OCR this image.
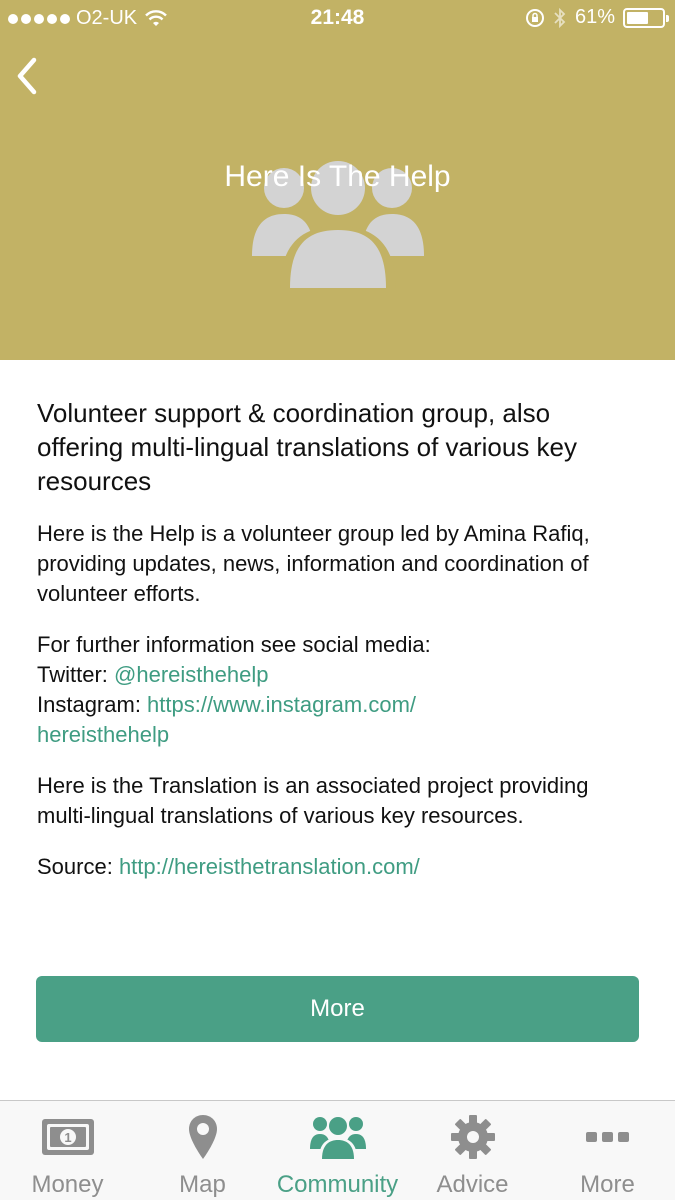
O2-UK	21:48	61%
Here Is The Help
Volunteer support & coordination group, also offering multi-lingual translations of various key resources
Here is the Help is a volunteer group led by Amina Rafiq, providing updates, news, information and coordination of volunteer efforts.
For further information see social media:
Twitter: @hereisthehelp
Instagram: https://www.instagram.com/
hereisthehelp
Here is the Translation is an associated project providing multi-lingual translations of various key resources.
Source: http://hereisthetranslation.com/
More
1
Money	Map	Community	Advice	More
